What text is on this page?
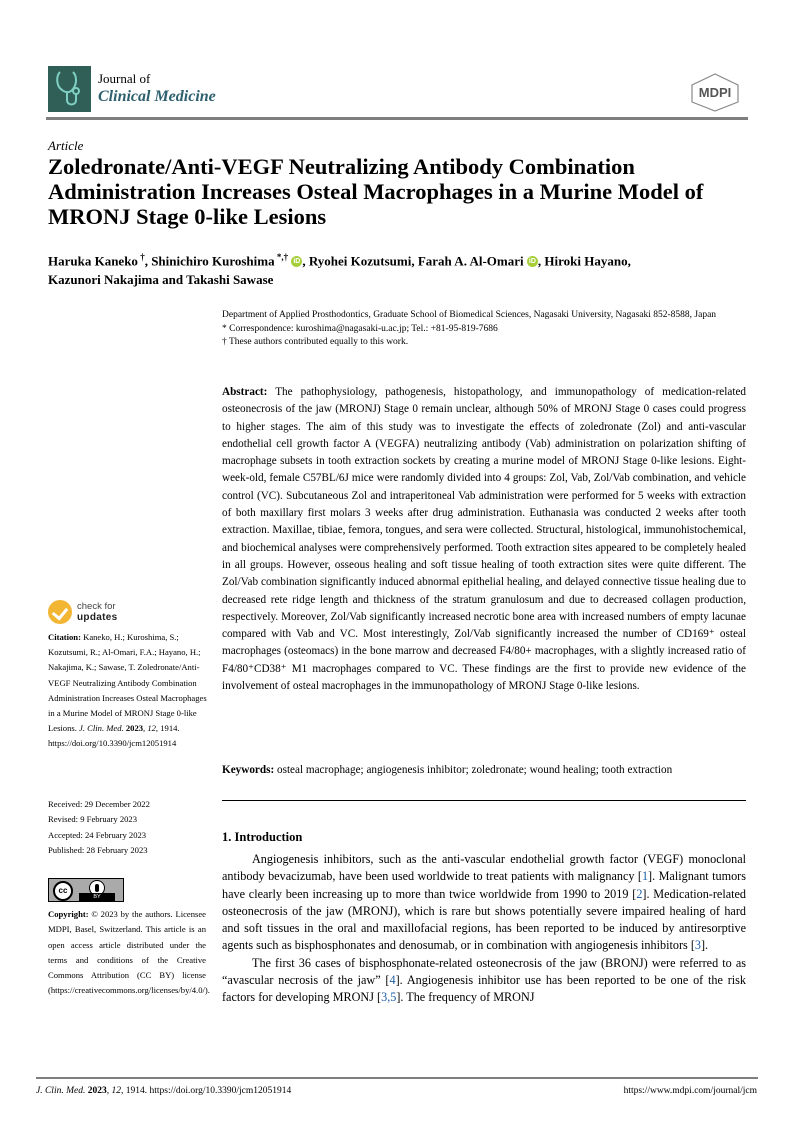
Journal of
Clinical Medicine	MDPI
Article
Zoledronate/Anti-VEGF Neutralizing Antibody Combination Administration Increases Osteal Macrophages in a Murine Model of MRONJ Stage 0-like Lesions
Haruka Kaneko †, Shinichiro Kuroshima *,† iD , Ryohei Kozutsumi, Farah A. Al-Omari iD , Hiroki Hayano,
Kazunori Nakajima and Takashi Sawase

Department of Applied Prosthodontics, Graduate School of Biomedical Sciences, Nagasaki University, Nagasaki 852-8588, Japan

* Correspondence: kuroshima@nagasaki-u.ac.jp; Tel.: +81-95-819-7686

† These authors contributed equally to this work.

Abstract: The pathophysiology, pathogenesis, histopathology, and immunopathology of medication-related osteonecrosis of the jaw (MRONJ) Stage 0 remain unclear, although 50% of MRONJ Stage 0 cases could progress to higher stages. The aim of this study was to investigate the effects of zoledronate (Zol) and anti-vascular endothelial cell growth factor A (VEGFA) neutralizing antibody (Vab) administration on polarization shifting of macrophage subsets in tooth extraction sockets by creating a murine model of MRONJ Stage 0-like lesions. Eight-week-old, female C57BL/6J mice were randomly divided into 4 groups: Zol, Vab, Zol/Vab combination, and vehicle control (VC). Subcutaneous Zol and intraperitoneal Vab administration were performed for 5 weeks with extraction of both maxillary first molars 3 weeks after drug administration. Euthanasia was conducted 2 weeks after tooth extraction. Maxillae, tibiae, femora, tongues, and sera were collected. Structural, histological, immunohistochemical, and biochemical analyses were comprehensively performed. Tooth extraction sites appeared to be completely healed in all groups. However, osseous healing and soft tissue healing of tooth extraction sites were quite different. The Zol/Vab combination significantly induced abnormal epithelial healing, and delayed connective tissue healing due to decreased rete ridge length and thickness of the stratum granulosum and due to decreased collagen production, respectively. Moreover, Zol/Vab significantly increased necrotic bone area with increased numbers of empty lacunae compared with Vab and VC. Most interestingly, Zol/Vab significantly increased the number of CD169⁺ osteal macrophages (osteomacs) in the bone marrow and decreased F4/80+ macrophages, with a slightly increased ratio of F4/80⁺CD38⁺ M1 macrophages compared to VC. These findings are the first to provide new evidence of the involvement of osteal macrophages in the immunopathology of MRONJ Stage 0-like lesions.
Keywords: osteal macrophage; angiogenesis inhibitor; zoledronate; wound healing; tooth extraction
1. Introduction

Angiogenesis inhibitors, such as the anti-vascular endothelial growth factor (VEGF) monoclonal antibody bevacizumab, have been used worldwide to treat patients with malignancy [1]. Malignant tumors have clearly been increasing up to more than twice worldwide from 1990 to 2019 [2]. Medication-related osteonecrosis of the jaw (MRONJ), which is rare but shows potentially severe impaired healing of hard and soft tissues in the oral and maxillofacial regions, has been reported to be induced by antiresorptive agents such as bisphosphonates and denosumab, or in combination with angiogenesis inhibitors [3].

The first 36 cases of bisphosphonate-related osteonecrosis of the jaw (BRONJ) were referred to as “avascular necrosis of the jaw” [4]. Angiogenesis inhibitor use has been reported to be one of the risk factors for developing MRONJ [3,5]. The frequency of MRONJ

check for
updates
Citation: Kaneko, H.; Kuroshima, S.; Kozutsumi, R.; Al-Omari, F.A.; Hayano, H.; Nakajima, K.; Sawase, T. Zoledronate/Anti-VEGF Neutralizing Antibody Combination Administration Increases Osteal Macrophages in a Murine Model of MRONJ Stage 0-like Lesions. J. Clin. Med. 2023, 12, 1914. https://doi.org/10.3390/jcm12051914
Received: 29 December 2022
Revised: 9 February 2023
Accepted: 24 February 2023
Published: 28 February 2023
cc
BY
Copyright: © 2023 by the authors. Licensee MDPI, Basel, Switzerland. This article is an open access article distributed under the terms and conditions of the Creative Commons Attribution (CC BY) license (https://creativecommons.org/licenses/by/4.0/).
J. Clin. Med. 2023, 12, 1914. https://doi.org/10.3390/jcm12051914	https://www.mdpi.com/journal/jcm
